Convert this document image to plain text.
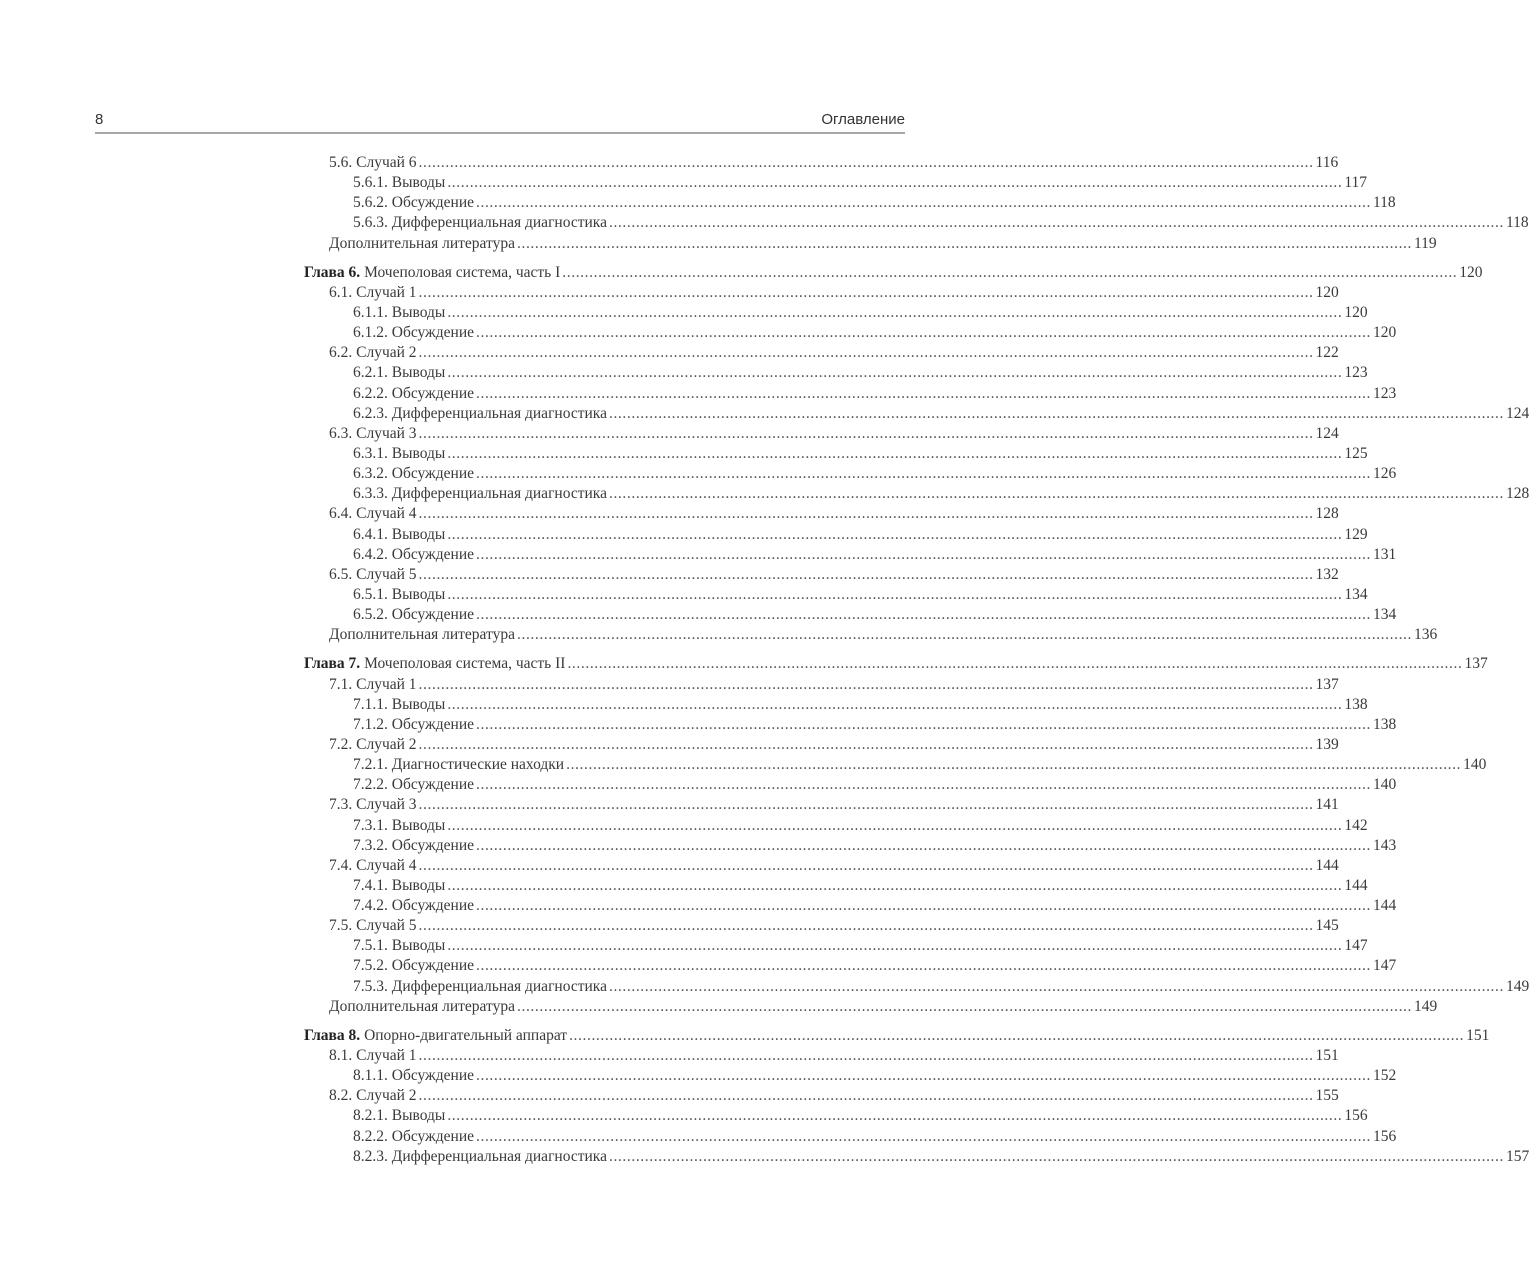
8	Оглавление
5.6. Случай 6 ........................................................................................................................................................................................................ 116
5.6.1. Выводы ........................................................................................................................................................................................................ 117
5.6.2. Обсуждение ........................................................................................................................................................................................................ 118
5.6.3. Дифференциальная диагностика ........................................................................................................................................................................................................ 118
Дополнительная литература ........................................................................................................................................................................................................ 119
Глава 6.
Мочеполовая система, часть I ........................................................................................................................................................................................................ 120
6.1. Случай 1 ........................................................................................................................................................................................................ 120
6.1.1. Выводы ........................................................................................................................................................................................................ 120
6.1.2. Обсуждение ........................................................................................................................................................................................................ 120
6.2. Случай 2 ........................................................................................................................................................................................................ 122
6.2.1. Выводы ........................................................................................................................................................................................................ 123
6.2.2. Обсуждение ........................................................................................................................................................................................................ 123
6.2.3. Дифференциальная диагностика ........................................................................................................................................................................................................ 124
6.3. Случай 3 ........................................................................................................................................................................................................ 124
6.3.1. Выводы ........................................................................................................................................................................................................ 125
6.3.2. Обсуждение ........................................................................................................................................................................................................ 126
6.3.3. Дифференциальная диагностика ........................................................................................................................................................................................................ 128
6.4. Случай 4 ........................................................................................................................................................................................................ 128
6.4.1. Выводы ........................................................................................................................................................................................................ 129
6.4.2. Обсуждение ........................................................................................................................................................................................................ 131
6.5. Случай 5 ........................................................................................................................................................................................................ 132
6.5.1. Выводы ........................................................................................................................................................................................................ 134
6.5.2. Обсуждение ........................................................................................................................................................................................................ 134
Дополнительная литература ........................................................................................................................................................................................................ 136
Глава 7.
Мочеполовая система, часть II ........................................................................................................................................................................................................ 137
7.1. Случай 1 ........................................................................................................................................................................................................ 137
7.1.1. Выводы ........................................................................................................................................................................................................ 138
7.1.2. Обсуждение ........................................................................................................................................................................................................ 138
7.2. Случай 2 ........................................................................................................................................................................................................ 139
7.2.1. Диагностические находки ........................................................................................................................................................................................................ 140
7.2.2. Обсуждение ........................................................................................................................................................................................................ 140
7.3. Случай 3 ........................................................................................................................................................................................................ 141
7.3.1. Выводы ........................................................................................................................................................................................................ 142
7.3.2. Обсуждение ........................................................................................................................................................................................................ 143
7.4. Случай 4 ........................................................................................................................................................................................................ 144
7.4.1. Выводы ........................................................................................................................................................................................................ 144
7.4.2. Обсуждение ........................................................................................................................................................................................................ 144
7.5. Случай 5 ........................................................................................................................................................................................................ 145
7.5.1. Выводы ........................................................................................................................................................................................................ 147
7.5.2. Обсуждение ........................................................................................................................................................................................................ 147
7.5.3. Дифференциальная диагностика ........................................................................................................................................................................................................ 149
Дополнительная литература ........................................................................................................................................................................................................ 149
Глава 8.
Опорно-двигательный аппарат ........................................................................................................................................................................................................ 151
8.1. Случай 1 ........................................................................................................................................................................................................ 151
8.1.1. Обсуждение ........................................................................................................................................................................................................ 152
8.2. Случай 2 ........................................................................................................................................................................................................ 155
8.2.1. Выводы ........................................................................................................................................................................................................ 156
8.2.2. Обсуждение ........................................................................................................................................................................................................ 156
8.2.3. Дифференциальная диагностика ........................................................................................................................................................................................................ 157
